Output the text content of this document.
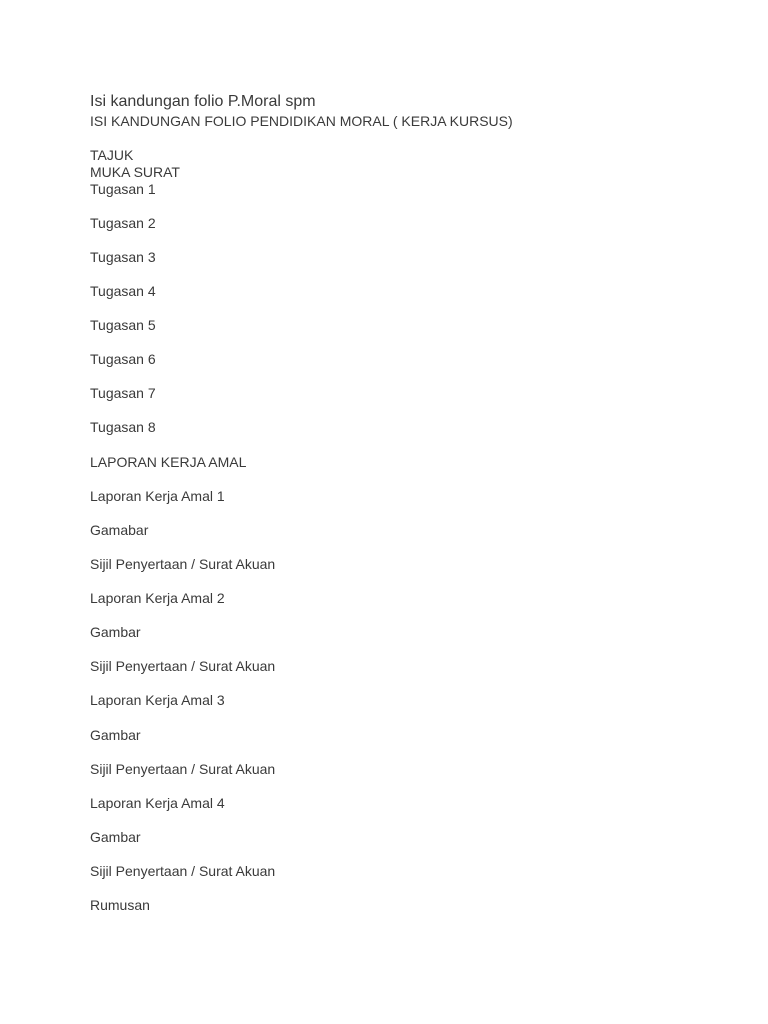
Isi kandungan folio P.Moral spm
ISI KANDUNGAN FOLIO PENDIDIKAN MORAL ( KERJA KURSUS)
TAJUK
MUKA SURAT
Tugasan 1
Tugasan 2
Tugasan 3
Tugasan 4
Tugasan 5
Tugasan 6
Tugasan 7
Tugasan 8
LAPORAN KERJA AMAL
Laporan Kerja Amal 1
Gamabar
Sijil Penyertaan / Surat Akuan
Laporan Kerja Amal 2
Gambar
Sijil Penyertaan / Surat Akuan
Laporan Kerja Amal 3
Gambar
Sijil Penyertaan / Surat Akuan
Laporan Kerja Amal 4
Gambar
Sijil Penyertaan / Surat Akuan
Rumusan
